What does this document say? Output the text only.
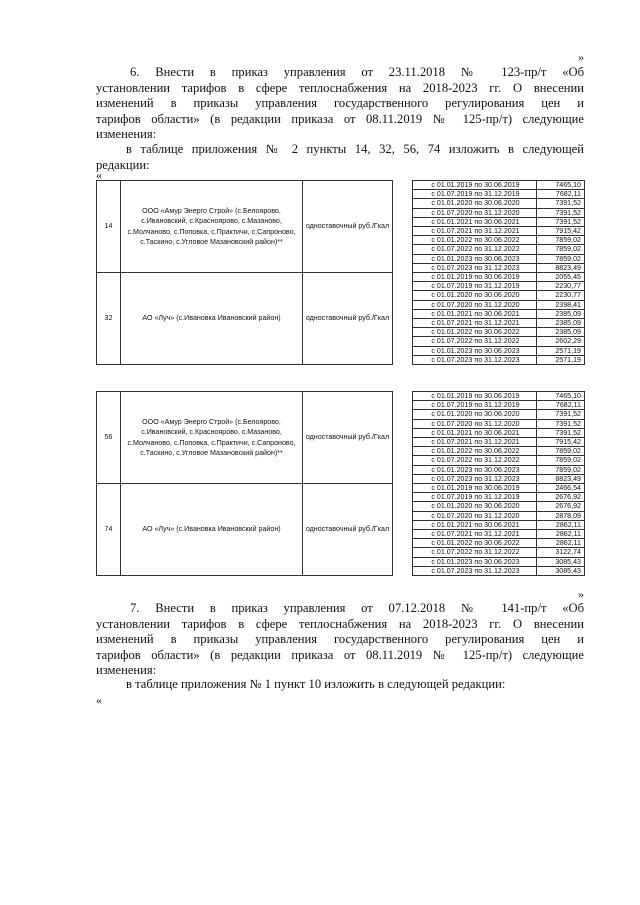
»
6. Внести в приказ управления от 23.11.2018 № 123-пр/т «Об
установлении тарифов в сфере теплоснабжения на 2018-2023 гг. О внесении
изменений в приказы управления государственного регулирования цен и
тарифов области» (в редакции приказа от 08.11.2019 № 125-пр/т) следующие
изменения:
в таблице приложения № 2 пункты 14, 32, 56, 74 изложить в следующей
редакции:
«
14	ООО «Амур Энерго Строй» (с.Белоярово, с.Ивановский, с.Красноярово, с.Мазаново, с.Молчаново, с.Поповка, с.Практичи, с.Сапроново, с.Таскино, с.Угловое Мазановский район)**	одноставочный руб./Гкал		с 01.01.2019 по 30.06.2019	7465,10
				с 01.07.2019 по 31.12.2019	7682,11
				с 01.01.2020 по 30.06.2020	7391,52
				с 01.07.2020 по 31.12.2020	7391,52
				с 01.01.2021 по 30.06.2021	7391,52
				с 01.07.2021 по 31.12.2021	7915,42
				с 01.01.2022 по 30.06.2022	7859,02
				с 01.07.2022 по 31.12.2022	7859,02
				с 01.01.2023 по 30.06.2023	7859,02
				с 01.07.2023 по 31.12.2023	8823,49
32	АО «Луч» (с.Ивановка Ивановский район)	одноставочный руб./Гкал		с 01.01.2019 по 30.06.2019	2055,45
				с 01.07.2019 по 31.12.2019	2230,77
				с 01.01.2020 по 30.06.2020	2230,77
				с 01.07.2020 по 31.12.2020	2398,41
				с 01.01.2021 по 30.06.2021	2385,09
				с 01.07.2021 по 31.12.2021	2385,09
				с 01.01.2022 по 30.06.2022	2385,09
				с 01.07.2022 по 31.12.2022	2602,29
				с 01.01.2023 по 30.06.2023	2571,19
				с 01.07.2023 по 31.12.2023	2571,19
56	ООО «Амур Энерго Строй» (с.Белоярово, с.Ивановский, с.Красноярово, с.Мазаново, с.Молчаново, с.Поповка, с.Практичи, с.Сапроново, с.Таскино, с.Угловое Мазановский район)**	одноставочный руб./Гкал		с 01.01.2019 по 30.06.2019	7465,10
				с 01.07.2019 по 31.12.2019	7682,11
				с 01.01.2020 по 30.06.2020	7391,52
				с 01.07.2020 по 31.12.2020	7391,52
				с 01.01.2021 по 30.06.2021	7391,52
				с 01.07.2021 по 31.12.2021	7915,42
				с 01.01.2022 по 30.06.2022	7859,02
				с 01.07.2022 по 31.12.2022	7859,02
				с 01.01.2023 по 30.06.2023	7859,02
				с 01.07.2023 по 31.12.2023	8823,49
74	АО «Луч» (с.Ивановка Ивановский район)	одноставочный руб./Гкал		с 01.01.2019 по 30.06.2019	2466,54
				с 01.07.2019 по 31.12.2019	2676,92
				с 01.01.2020 по 30.06.2020	2676,92
				с 01.07.2020 по 31.12.2020	2878,09
				с 01.01.2021 по 30.06.2021	2862,11
				с 01.07.2021 по 31.12.2021	2862,11
				с 01.01.2022 по 30.06.2022	2862,11
				с 01.07.2022 по 31.12.2022	3122,74
				с 01.01.2023 по 30.06.2023	3085,43
				с 01.07.2023 по 31.12.2023	3085,43
»
7. Внести в приказ управления от 07.12.2018 № 141-пр/т «Об
установлении тарифов в сфере теплоснабжения на 2018-2023 гг. О внесении
изменений в приказы управления государственного регулирования цен и
тарифов области» (в редакции приказа от 08.11.2019 № 125-пр/т) следующие
изменения:
в таблице приложения № 1 пункт 10 изложить в следующей редакции:
«
